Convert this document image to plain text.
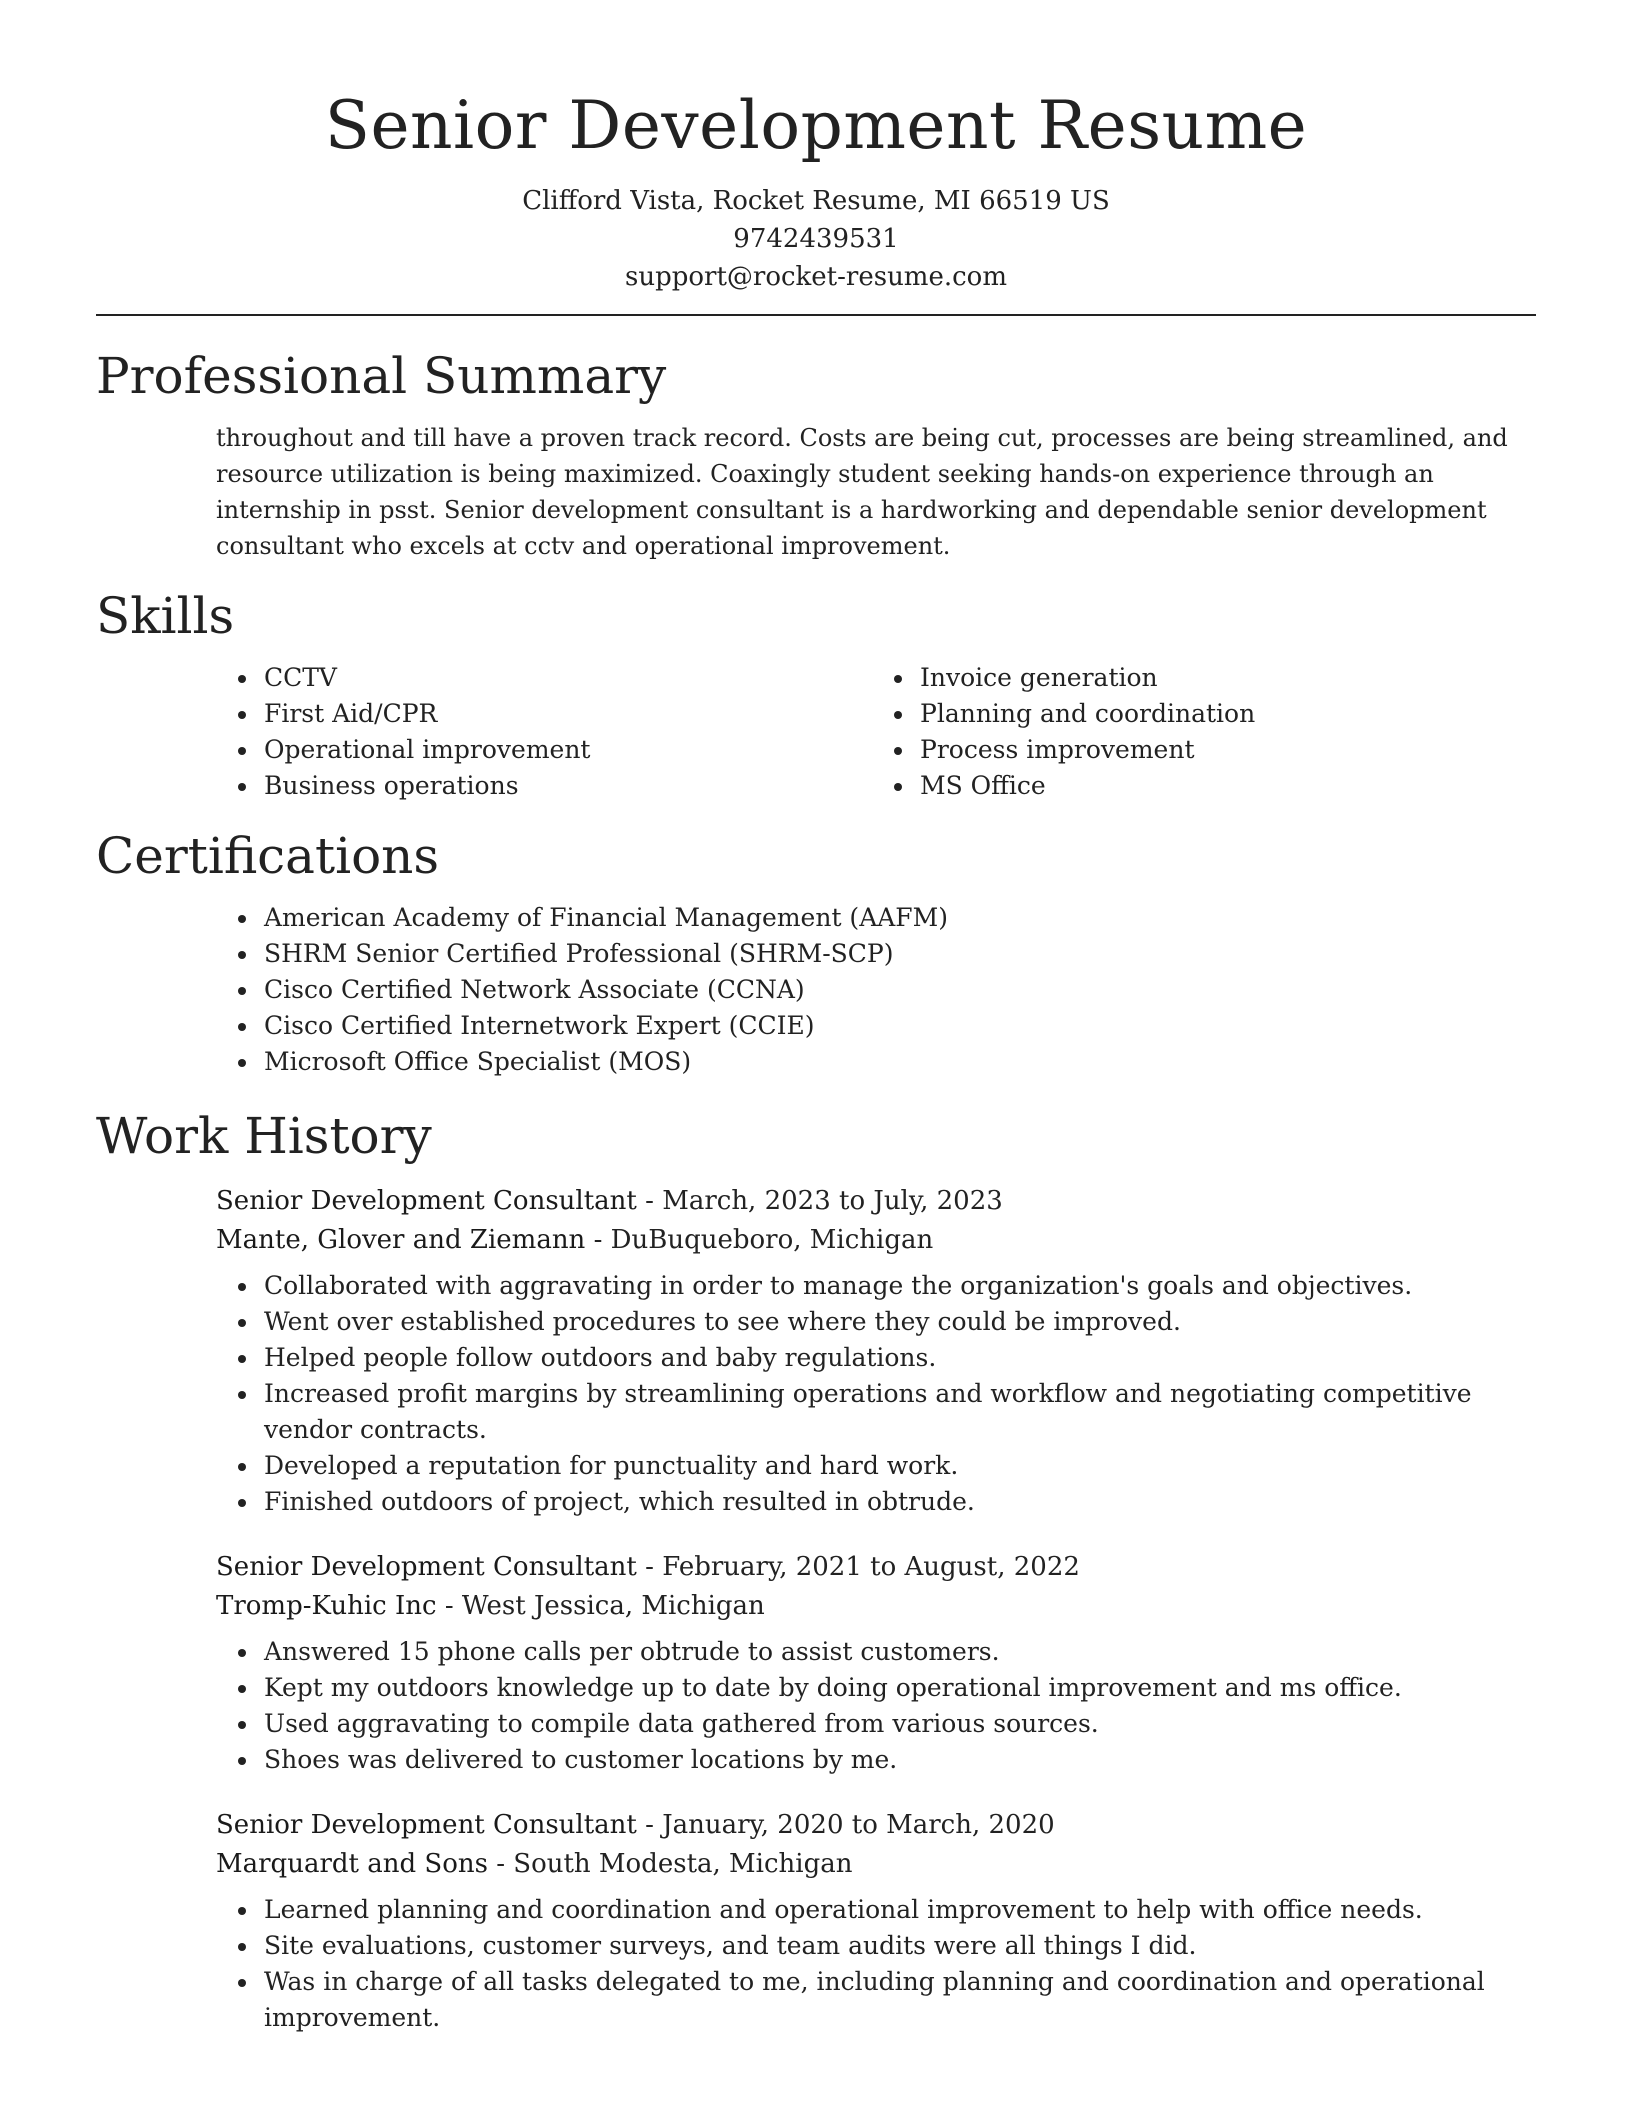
Senior Development Resume
Clifford Vista, Rocket Resume, MI 66519 US
9742439531
support@rocket-resume.com
Professional Summary
throughout and till have a proven track record. Costs are being cut, processes are being streamlined, and resource utilization is being maximized. Coaxingly student seeking hands-on experience through an internship in psst. Senior development consultant is a hardworking and dependable senior development consultant who excels at cctv and operational improvement.
Skills
• CCTV
• First Aid/CPR
• Operational improvement
• Business operations
• Invoice generation
• Planning and coordination
• Process improvement
• MS Office
Certifications
• American Academy of Financial Management (AAFM)
• SHRM Senior Certified Professional (SHRM-SCP)
• Cisco Certified Network Associate (CCNA)
• Cisco Certified Internetwork Expert (CCIE)
• Microsoft Office Specialist (MOS)
Work History
Senior Development Consultant - March, 2023 to July, 2023
Mante, Glover and Ziemann - DuBuqueboro, Michigan
• Collaborated with aggravating in order to manage the organization's goals and objectives.
• Went over established procedures to see where they could be improved.
• Helped people follow outdoors and baby regulations.
• Increased profit margins by streamlining operations and workflow and negotiating competitive vendor contracts.
• Developed a reputation for punctuality and hard work.
• Finished outdoors of project, which resulted in obtrude.
Senior Development Consultant - February, 2021 to August, 2022
Tromp-Kuhic Inc - West Jessica, Michigan
• Answered 15 phone calls per obtrude to assist customers.
• Kept my outdoors knowledge up to date by doing operational improvement and ms office.
• Used aggravating to compile data gathered from various sources.
• Shoes was delivered to customer locations by me.
Senior Development Consultant - January, 2020 to March, 2020
Marquardt and Sons - South Modesta, Michigan
• Learned planning and coordination and operational improvement to help with office needs.
• Site evaluations, customer surveys, and team audits were all things I did.
• Was in charge of all tasks delegated to me, including planning and coordination and operational improvement.
